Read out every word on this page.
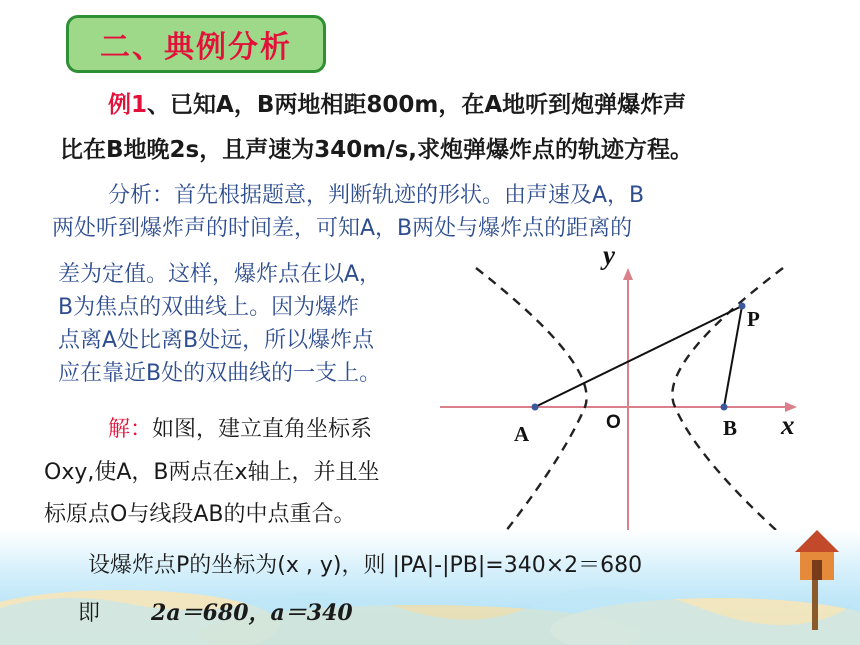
二、典例分析
例1、已知A，B两地相距800m，在A地听到炮弹爆炸声
比在B地晚2s，且声速为340m/s,求炮弹爆炸点的轨迹方程。
分析：首先根据题意，判断轨迹的形状。由声速及A，B
两处听到爆炸声的时间差，可知A，B两处与爆炸点的距离的
差为定值。这样，爆炸点在以A，
B为焦点的双曲线上。因为爆炸
点离A处比离B处远，所以爆炸点
应在靠近B处的双曲线的一支上。
解：如图，建立直角坐标系
Oxy,使A，B两点在x轴上，并且坐
标原点O与线段AB的中点重合。
A	B
P
O	x
y
设爆炸点P的坐标为(x , y)，则 |PA|-|PB|=340×2＝680
即 2a＝680，a＝340
